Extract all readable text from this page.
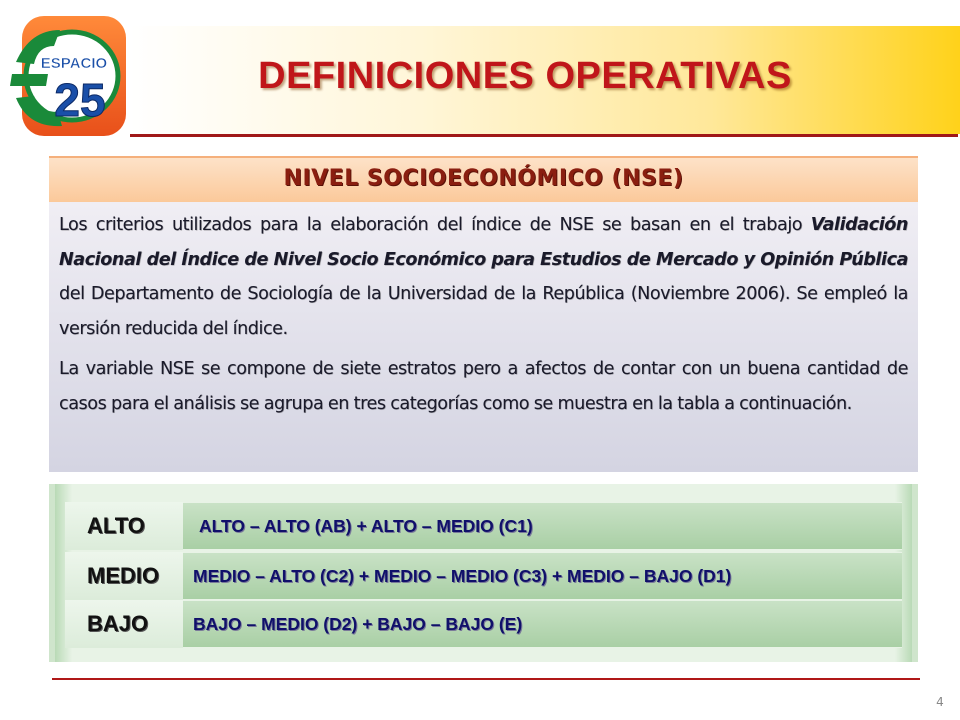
ESPACIO
25	DEFINICIONES OPERATIVAS
NIVEL SOCIOECONÓMICO (NSE)

Los criterios utilizados para la elaboración del índice de NSE se basan en el trabajo Validación Nacional del Índice de Nivel Socio Económico para Estudios de Mercado y Opinión Pública del Departamento de Sociología de la Universidad de la República (Noviembre 2006). Se empleó la versión reducida del índice.

La variable NSE se compone de siete estratos pero a afectos de contar con un buena cantidad de casos para el análisis se agrupa en tres categorías como se muestra en la tabla a continuación.

ALTO	ALTO – ALTO (AB) + ALTO – MEDIO (C1)
MEDIO	MEDIO – ALTO (C2) + MEDIO – MEDIO (C3) + MEDIO – BAJO (D1)
BAJO	BAJO – MEDIO (D2) + BAJO – BAJO (E)
4
